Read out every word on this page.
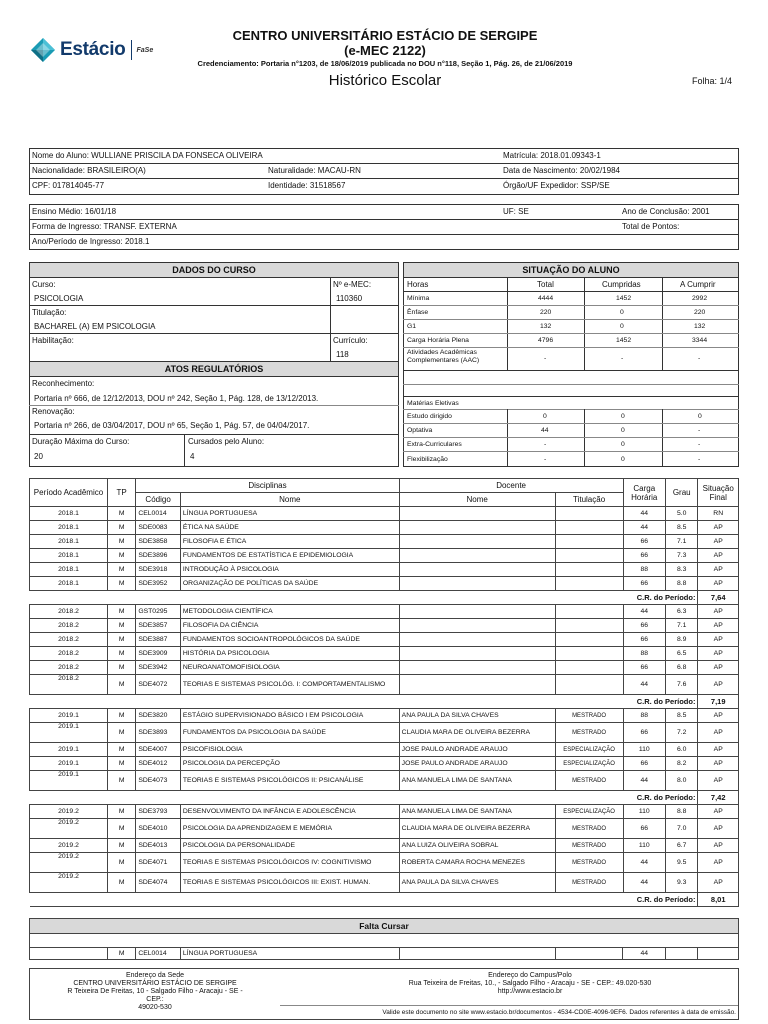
Estácio FaSe
CENTRO UNIVERSITÁRIO ESTÁCIO DE SERGIPE
(e-MEC 2122)
Credenciamento: Portaria n°1203, de 18/06/2019 publicada no DOU n°118, Seção 1, Pág. 26, de 21/06/2019
Histórico Escolar	Folha: 1/4
Nome do Aluno: WULLIANE PRISCILA DA FONSECA OLIVEIRA	Matrícula: 2018.01.09343-1
Nacionalidade: BRASILEIRO(A)	Naturalidade: MACAU-RN	Data de Nascimento: 20/02/1984
CPF: 017814045-77	Identidade: 31518567	Órgão/UF Expedidor: SSP/SE
Ensino Médio: 16/01/18	UF: SE	Ano de Conclusão: 2001
Forma de Ingresso: TRANSF. EXTERNA	Total de Pontos:
Ano/Período de Ingresso: 2018.1
DADOS DO CURSO
Curso:
PSICOLOGIA
Nº e-MEC:
110360
Titulação:
BACHAREL (A) EM PSICOLOGIA
Habilitação:	Currículo:
118
ATOS REGULATÓRIOS
Reconhecimento:
Portaria nº 666, de 12/12/2013, DOU nº 242, Seção 1, Pág. 128, de 13/12/2013.
Renovação:
Portaria nº 266, de 03/04/2017, DOU nº 65, Seção 1, Pág. 57, de 04/04/2017.
Duração Máxima do Curso:
20
Cursados pelo Aluno:
4
SITUAÇÃO DO ALUNO
Horas	Total	Cumpridas	A Cumprir
Mínima	4444	1452	2992
Ênfase	220	0	220
G1	132	0	132
Carga Horária Plena	4796	1452	3344
Atividades Acadêmicas Complementares (AAC)	-	-	-
Matérias Eletivas
Estudo dirigido	0	0	0
Optativa	44	0	-
Extra-Curriculares	-	0	-
Flexibilização	-	0	-
Período Acadêmico	TP	Disciplinas		Docente		Carga Horária	Grau	Situação Final
		Código	Nome	Nome	Titulação			
2018.1	M	CEL0014	LÍNGUA PORTUGUESA			44	5.0	RN
2018.1	M	SDE0083	ÉTICA NA SAÚDE			44	8.5	AP
2018.1	M	SDE3858	FILOSOFIA E ÉTICA			66	7.1	AP
2018.1	M	SDE3896	FUNDAMENTOS DE ESTATÍSTICA E EPIDEMIOLOGIA			66	7.3	AP
2018.1	M	SDE3918	INTRODUÇÃO À PSICOLOGIA			88	8.3	AP
2018.1	M	SDE3952	ORGANIZAÇÃO DE POLÍTICAS DA SAÚDE			66	8.8	AP
C.R. do Período:								7,64
2018.2	M	GST0295	METODOLOGIA CIENTÍFICA			44	6.3	AP
2018.2	M	SDE3857	FILOSOFIA DA CIÊNCIA			66	7.1	AP
2018.2	M	SDE3887	FUNDAMENTOS SOCIOANTROPOLÓGICOS DA SAÚDE			66	8.9	AP
2018.2	M	SDE3909	HISTÓRIA DA PSICOLOGIA			88	6.5	AP
2018.2	M	SDE3942	NEUROANATOMOFISIOLOGIA			66	6.8	AP
2018.2	M	SDE4072	TEORIAS E SISTEMAS PSICOLÓG. I: COMPORTAMENTALISMO			44	7.6	AP
C.R. do Período:								7,19
2019.1	M	SDE3820	ESTÁGIO SUPERVISIONADO BÁSICO I EM PSICOLOGIA	ANA PAULA DA SILVA CHAVES	MESTRADO	88	8.5	AP
2019.1	M	SDE3893	FUNDAMENTOS DA PSICOLOGIA DA SAÚDE	CLAUDIA MARA DE OLIVEIRA BEZERRA	MESTRADO	66	7.2	AP
2019.1	M	SDE4007	PSICOFISIOLOGIA	JOSE PAULO ANDRADE ARAUJO	ESPECIALIZAÇÃO	110	6.0	AP
2019.1	M	SDE4012	PSICOLOGIA DA PERCEPÇÃO	JOSE PAULO ANDRADE ARAUJO	ESPECIALIZAÇÃO	66	8.2	AP
2019.1	M	SDE4073	TEORIAS E SISTEMAS PSICOLÓGICOS II: PSICANÁLISE	ANA MANUELA LIMA DE SANTANA	MESTRADO	44	8.0	AP
C.R. do Período:								7,42
2019.2	M	SDE3793	DESENVOLVIMENTO DA INFÂNCIA E ADOLESCÊNCIA	ANA MANUELA LIMA DE SANTANA	ESPECIALIZAÇÃO	110	8.8	AP
2019.2	M	SDE4010	PSICOLOGIA DA APRENDIZAGEM E MEMÓRIA	CLAUDIA MARA DE OLIVEIRA BEZERRA	MESTRADO	66	7.0	AP
2019.2	M	SDE4013	PSICOLOGIA DA PERSONALIDADE	ANA LUIZA OLIVEIRA SOBRAL	MESTRADO	110	6.7	AP
2019.2	M	SDE4071	TEORIAS E SISTEMAS PSICOLÓGICOS IV: COGNITIVISMO	ROBERTA CAMARA ROCHA MENEZES	MESTRADO	44	9.5	AP
2019.2	M	SDE4074	TEORIAS E SISTEMAS PSICOLÓGICOS III: EXIST. HUMAN.	ANA PAULA DA SILVA CHAVES	MESTRADO	44	9.3	AP
C.R. do Período:								8,01
Falta Cursar

	M	CEL0014	LÍNGUA PORTUGUESA			44		
Endereço da Sede
CENTRO UNIVERSITÁRIO ESTÁCIO DE SERGIPE
R Teixeira De Freitas, 10 - Salgado Filho - Aracaju - SE - CEP.:
49020-530
Endereço do Campus/Polo
Rua Teixeira de Freitas, 10., - Salgado Filho - Aracaju - SE - CEP.: 49.020-530
http://www.estacio.br
Valide este documento no site www.estacio.br/documentos - 4534-CD0E-4096-9EF6. Dados referentes à data de emissão.
